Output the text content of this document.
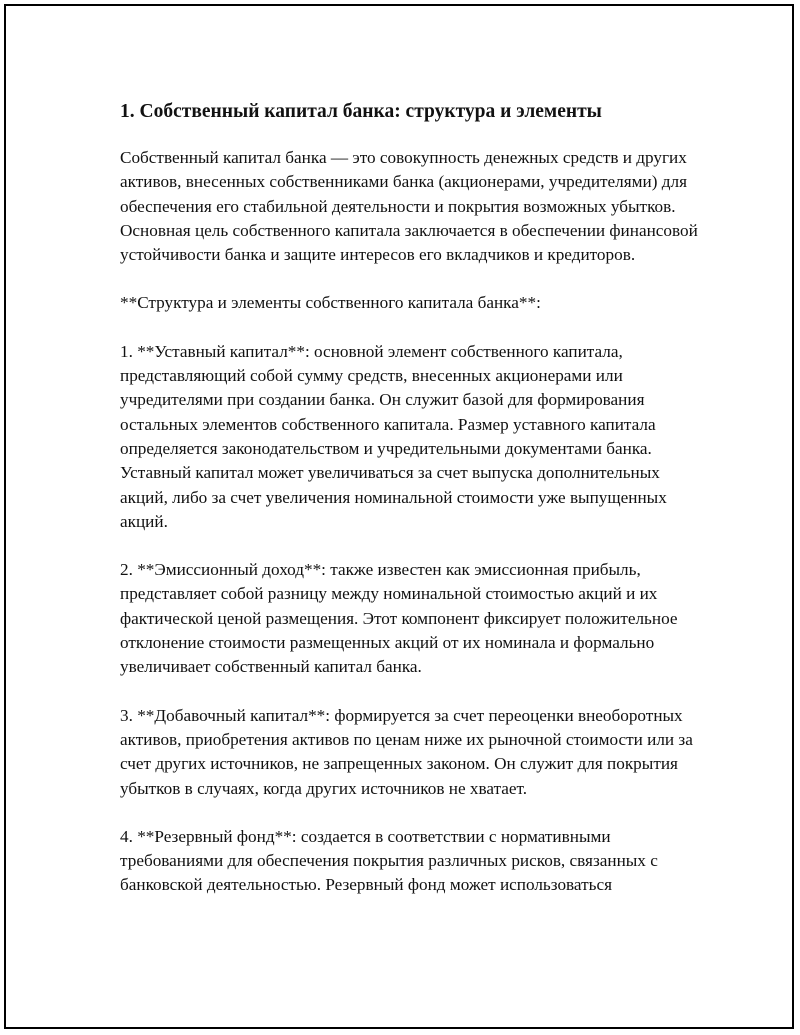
1. Собственный капитал банка: структура и элементы

Собственный капитал банка — это совокупность денежных средств и других активов, внесенных собственниками банка (акционерами, учредителями) для обеспечения его стабильной деятельности и покрытия возможных убытков. Основная цель собственного капитала заключается в обеспечении финансовой устойчивости банка и защите интересов его вкладчиков и кредиторов.

**Структура и элементы собственного капитала банка**:

1. **Уставный капитал**: основной элемент собственного капитала, представляющий собой сумму средств, внесенных акционерами или учредителями при создании банка. Он служит базой для формирования остальных элементов собственного капитала. Размер уставного капитала определяется законодательством и учредительными документами банка. Уставный капитал может увеличиваться за счет выпуска дополнительных акций, либо за счет увеличения номинальной стоимости уже выпущенных акций.

2. **Эмиссионный доход**: также известен как эмиссионная прибыль, представляет собой разницу между номинальной стоимостью акций и их фактической ценой размещения. Этот компонент фиксирует положительное отклонение стоимости размещенных акций от их номинала и формально увеличивает собственный капитал банка.

3. **Добавочный капитал**: формируется за счет переоценки внеоборотных активов, приобретения активов по ценам ниже их рыночной стоимости или за счет других источников, не запрещенных законом. Он служит для покрытия убытков в случаях, когда других источников не хватает.

4. **Резервный фонд**: создается в соответствии с нормативными требованиями для обеспечения покрытия различных рисков, связанных с банковской деятельностью. Резервный фонд может использоваться
